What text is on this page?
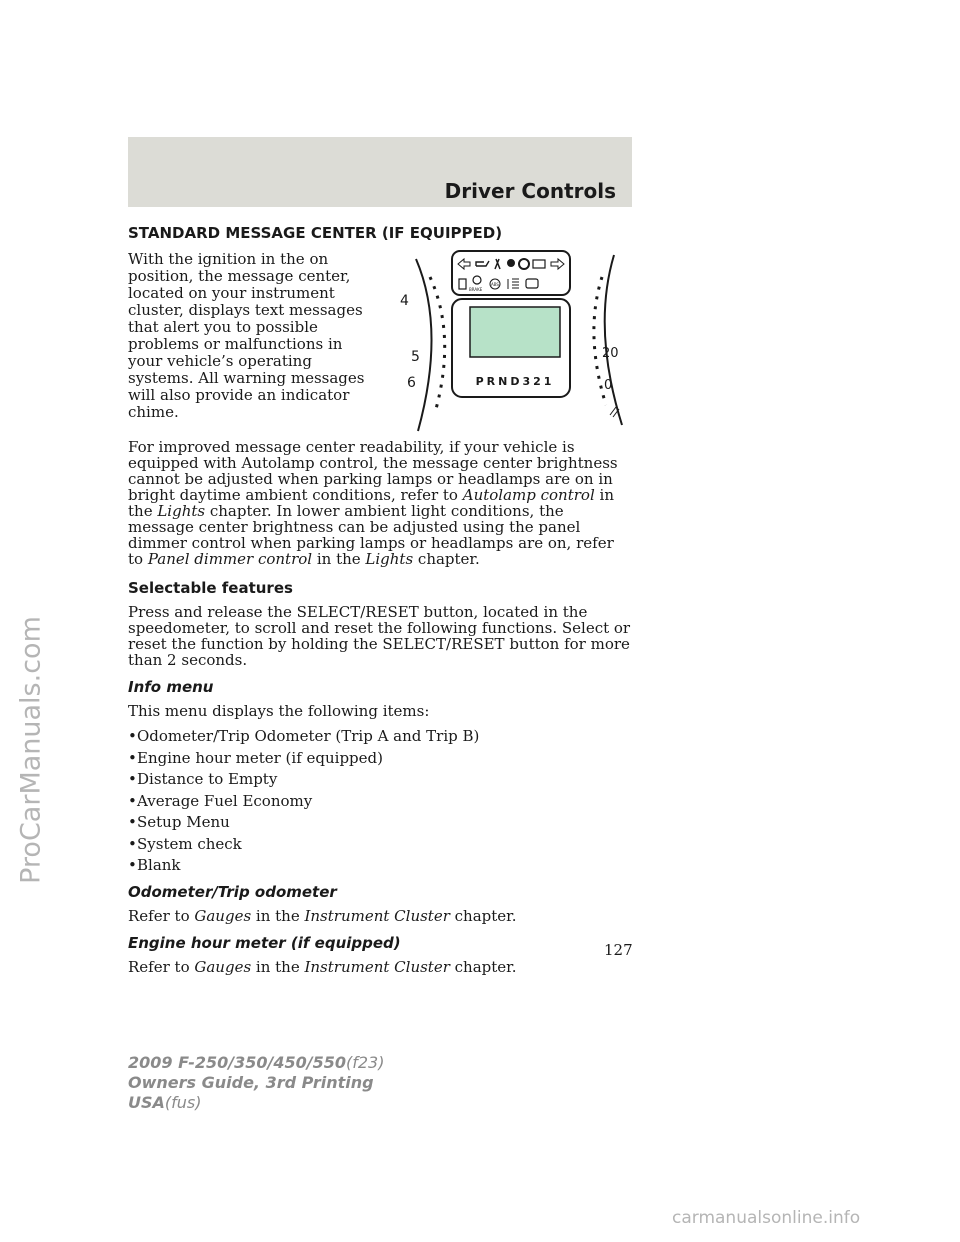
Driver Controls
ProCarManuals.com
STANDARD MESSAGE CENTER (IF EQUIPPED)

With the ignition in the on position, the message center, located on your instrument cluster, displays text messages that alert you to possible problems or malfunctions in your vehicle’s operating systems. All warning messages will also provide an indicator chime.

4
5
6
20
0
BRAKE
ABS
PRND321

For improved message center readability, if your vehicle is equipped with Autolamp control, the message center brightness cannot be adjusted when parking lamps or headlamps are on in bright daytime ambient conditions, refer to Autolamp control in the Lights chapter. In lower ambient light conditions, the message center brightness can be adjusted using the panel dimmer control when parking lamps or headlamps are on, refer to Panel dimmer control in the Lights chapter.

Selectable features

Press and release the SELECT/RESET button, located in the speedometer, to scroll and reset the following functions. Select or reset the function by holding the SELECT/RESET button for more than 2 seconds.

Info menu

This menu displays the following items:

•Odometer/Trip Odometer (Trip A and Trip B)
•Engine hour meter (if equipped)
•Distance to Empty
•Average Fuel Economy
•Setup Menu
•System check
•Blank
Odometer/Trip odometer

Refer to Gauges in the Instrument Cluster chapter.

Engine hour meter (if equipped)

Refer to Gauges in the Instrument Cluster chapter.

127
2009 F-250/350/450/550(f23)
Owners Guide, 3rd Printing
USA(fus)
carmanualsonline.info
